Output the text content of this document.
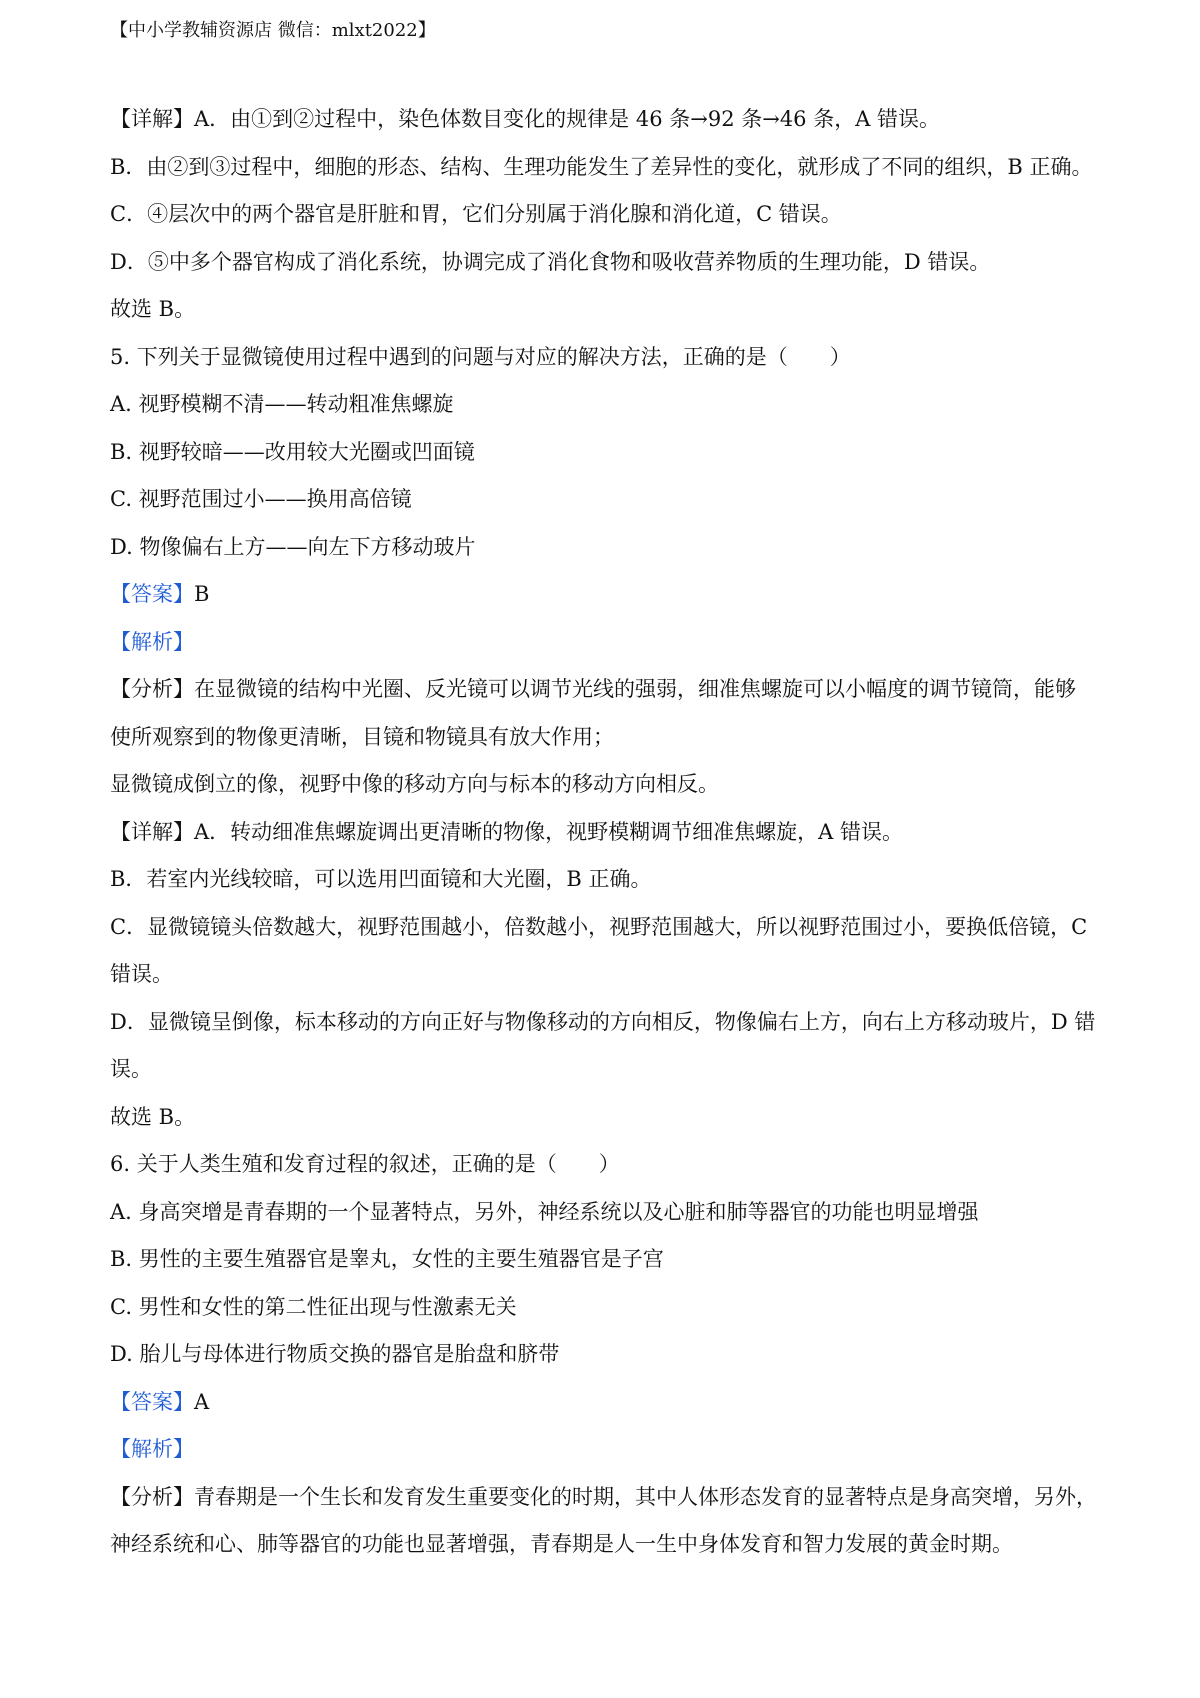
【中小学教辅资源店 微信：mlxt2022】

【详解】A．由①到②过程中，染色体数目变化的规律是 46 条→92 条→46 条，A 错误。

B．由②到③过程中，细胞的形态、结构、生理功能发生了差异性的变化，就形成了不同的组织，B 正确。

C．④层次中的两个器官是肝脏和胃，它们分别属于消化腺和消化道，C 错误。

D．⑤中多个器官构成了消化系统，协调完成了消化食物和吸收营养物质的生理功能，D 错误。

故选 B。

5. 下列关于显微镜使用过程中遇到的问题与对应的解决方法，正确的是（　　）

A. 视野模糊不清——转动粗准焦螺旋

B. 视野较暗——改用较大光圈或凹面镜

C. 视野范围过小——换用高倍镜

D. 物像偏右上方——向左下方移动玻片

【答案】B

【解析】

【分析】在显微镜的结构中光圈、反光镜可以调节光线的强弱，细准焦螺旋可以小幅度的调节镜筒，能够

使所观察到的物像更清晰，目镜和物镜具有放大作用；

显微镜成倒立的像，视野中像的移动方向与标本的移动方向相反。

【详解】A．转动细准焦螺旋调出更清晰的物像，视野模糊调节细准焦螺旋，A 错误。

B．若室内光线较暗，可以选用凹面镜和大光圈，B 正确。

C．显微镜镜头倍数越大，视野范围越小，倍数越小，视野范围越大，所以视野范围过小，要换低倍镜，C

错误。

D．显微镜呈倒像，标本移动的方向正好与物像移动的方向相反，物像偏右上方，向右上方移动玻片，D 错

误。

故选 B。

6. 关于人类生殖和发育过程的叙述，正确的是（　　）

A. 身高突增是青春期的一个显著特点，另外，神经系统以及心脏和肺等器官的功能也明显增强

B. 男性的主要生殖器官是睾丸，女性的主要生殖器官是子宫

C. 男性和女性的第二性征出现与性激素无关

D. 胎儿与母体进行物质交换的器官是胎盘和脐带

【答案】A

【解析】

【分析】青春期是一个生长和发育发生重要变化的时期，其中人体形态发育的显著特点是身高突增，另外，

神经系统和心、肺等器官的功能也显著增强，青春期是人一生中身体发育和智力发展的黄金时期。
